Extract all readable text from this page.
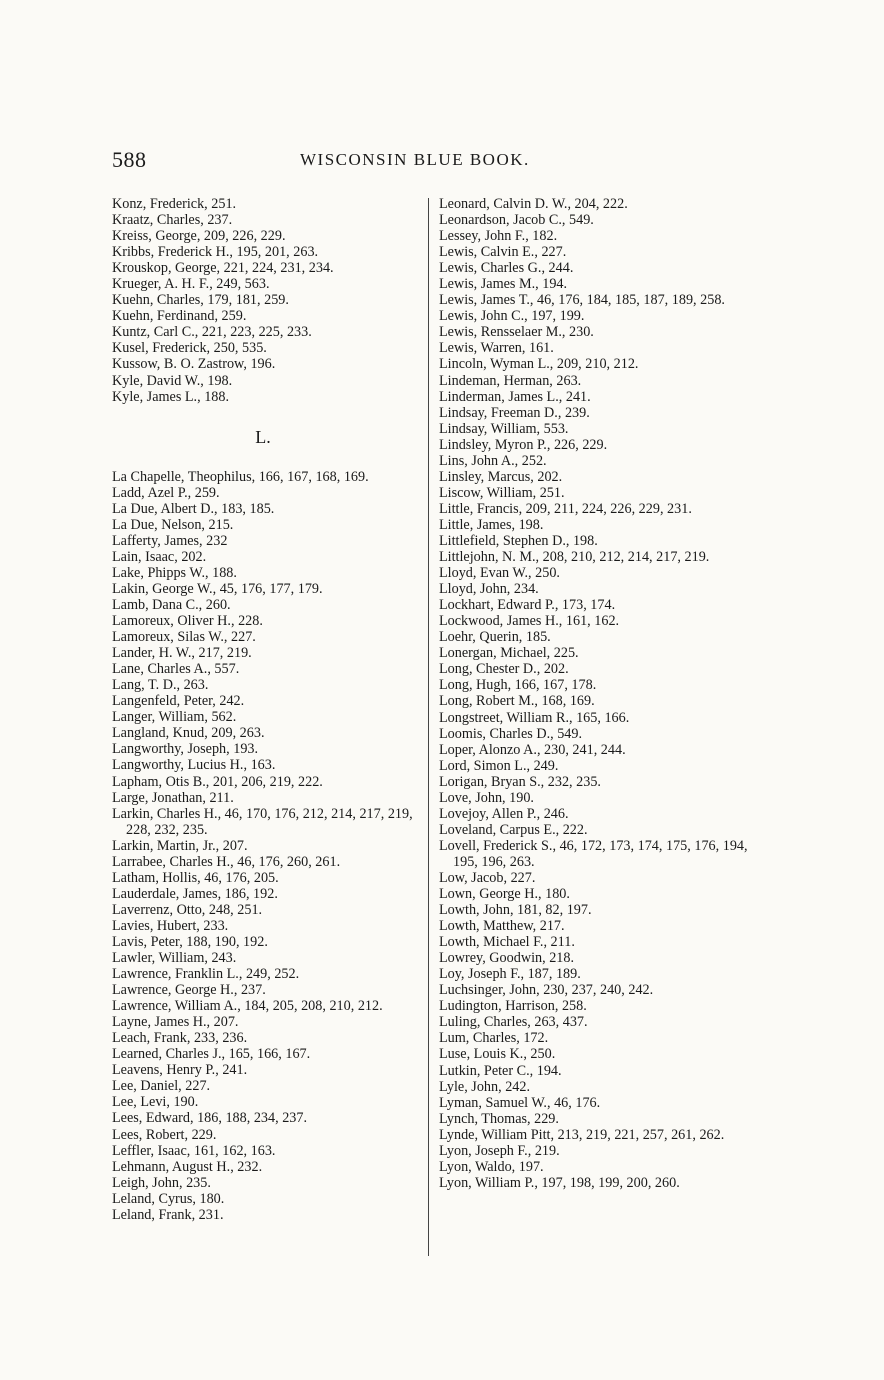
588	WISCONSIN BLUE BOOK.
Konz, Frederick, 251.
Kraatz, Charles, 237.
Kreiss, George, 209, 226, 229.
Kribbs, Frederick H., 195, 201, 263.
Krouskop, George, 221, 224, 231, 234.
Krueger, A. H. F., 249, 563.
Kuehn, Charles, 179, 181, 259.
Kuehn, Ferdinand, 259.
Kuntz, Carl C., 221, 223, 225, 233.
Kusel, Frederick, 250, 535.
Kussow, B. O. Zastrow, 196.
Kyle, David W., 198.
Kyle, James L., 188.
L.
La Chapelle, Theophilus, 166, 167, 168, 169.
Ladd, Azel P., 259.
La Due, Albert D., 183, 185.
La Due, Nelson, 215.
Lafferty, James, 232
Lain, Isaac, 202.
Lake, Phipps W., 188.
Lakin, George W., 45, 176, 177, 179.
Lamb, Dana C., 260.
Lamoreux, Oliver H., 228.
Lamoreux, Silas W., 227.
Lander, H. W., 217, 219.
Lane, Charles A., 557.
Lang, T. D., 263.
Langenfeld, Peter, 242.
Langer, William, 562.
Langland, Knud, 209, 263.
Langworthy, Joseph, 193.
Langworthy, Lucius H., 163.
Lapham, Otis B., 201, 206, 219, 222.
Large, Jonathan, 211.
Larkin, Charles H., 46, 170, 176, 212, 214, 217, 219, 228, 232, 235.
Larkin, Martin, Jr., 207.
Larrabee, Charles H., 46, 176, 260, 261.
Latham, Hollis, 46, 176, 205.
Lauderdale, James, 186, 192.
Laverrenz, Otto, 248, 251.
Lavies, Hubert, 233.
Lavis, Peter, 188, 190, 192.
Lawler, William, 243.
Lawrence, Franklin L., 249, 252.
Lawrence, George H., 237.
Lawrence, William A., 184, 205, 208, 210, 212.
Layne, James H., 207.
Leach, Frank, 233, 236.
Learned, Charles J., 165, 166, 167.
Leavens, Henry P., 241.
Lee, Daniel, 227.
Lee, Levi, 190.
Lees, Edward, 186, 188, 234, 237.
Lees, Robert, 229.
Leffler, Isaac, 161, 162, 163.
Lehmann, August H., 232.
Leigh, John, 235.
Leland, Cyrus, 180.
Leland, Frank, 231.
Leonard, Calvin D. W., 204, 222.
Leonardson, Jacob C., 549.
Lessey, John F., 182.
Lewis, Calvin E., 227.
Lewis, Charles G., 244.
Lewis, James M., 194.
Lewis, James T., 46, 176, 184, 185, 187, 189, 258.
Lewis, John C., 197, 199.
Lewis, Rensselaer M., 230.
Lewis, Warren, 161.
Lincoln, Wyman L., 209, 210, 212.
Lindeman, Herman, 263.
Linderman, James L., 241.
Lindsay, Freeman D., 239.
Lindsay, William, 553.
Lindsley, Myron P., 226, 229.
Lins, John A., 252.
Linsley, Marcus, 202.
Liscow, William, 251.
Little, Francis, 209, 211, 224, 226, 229, 231.
Little, James, 198.
Littlefield, Stephen D., 198.
Littlejohn, N. M., 208, 210, 212, 214, 217, 219.
Lloyd, Evan W., 250.
Lloyd, John, 234.
Lockhart, Edward P., 173, 174.
Lockwood, James H., 161, 162.
Loehr, Querin, 185.
Lonergan, Michael, 225.
Long, Chester D., 202.
Long, Hugh, 166, 167, 178.
Long, Robert M., 168, 169.
Longstreet, William R., 165, 166.
Loomis, Charles D., 549.
Loper, Alonzo A., 230, 241, 244.
Lord, Simon L., 249.
Lorigan, Bryan S., 232, 235.
Love, John, 190.
Lovejoy, Allen P., 246.
Loveland, Carpus E., 222.
Lovell, Frederick S., 46, 172, 173, 174, 175, 176, 194, 195, 196, 263.
Low, Jacob, 227.
Lown, George H., 180.
Lowth, John, 181, 82, 197.
Lowth, Matthew, 217.
Lowth, Michael F., 211.
Lowrey, Goodwin, 218.
Loy, Joseph F., 187, 189.
Luchsinger, John, 230, 237, 240, 242.
Ludington, Harrison, 258.
Luling, Charles, 263, 437.
Lum, Charles, 172.
Luse, Louis K., 250.
Lutkin, Peter C., 194.
Lyle, John, 242.
Lyman, Samuel W., 46, 176.
Lynch, Thomas, 229.
Lynde, William Pitt, 213, 219, 221, 257, 261, 262.
Lyon, Joseph F., 219.
Lyon, Waldo, 197.
Lyon, William P., 197, 198, 199, 200, 260.
